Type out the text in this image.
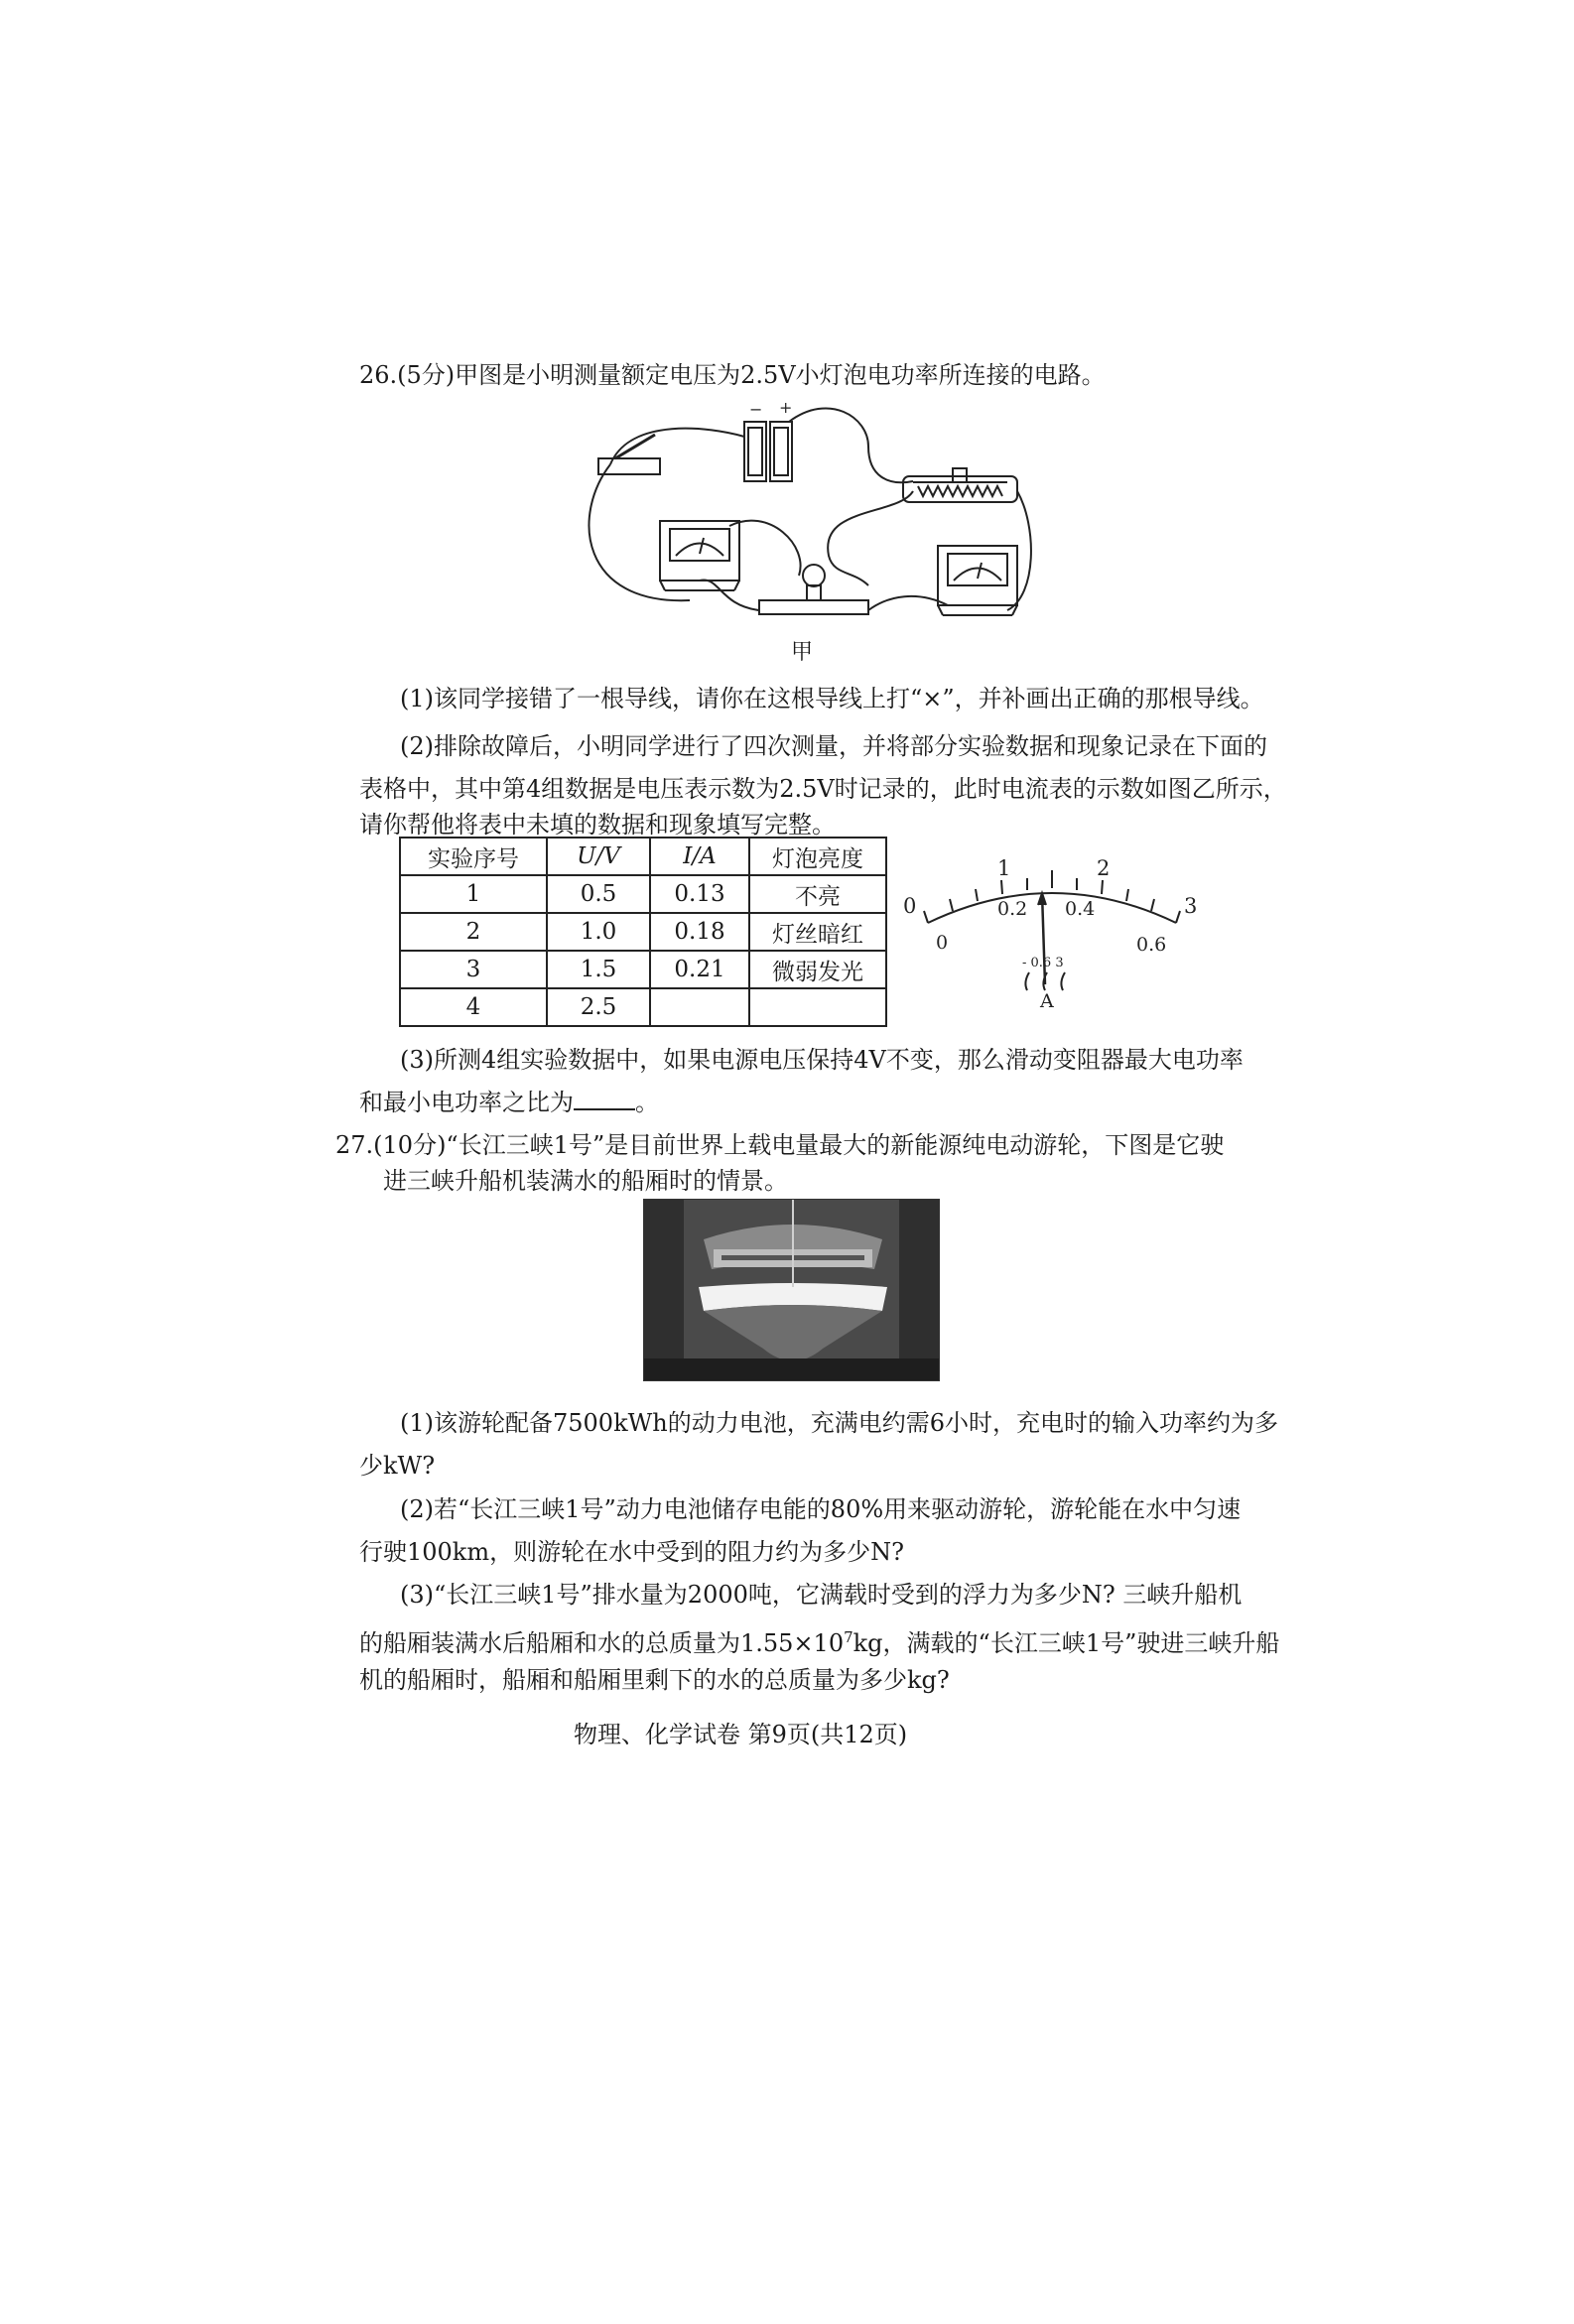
26.(5分)甲图是小明测量额定电压为2.5V小灯泡电功率所连接的电路。
− +
甲
(1)该同学接错了一根导线，请你在这根导线上打“×”，并补画出正确的那根导线。
(2)排除故障后，小明同学进行了四次测量，并将部分实验数据和现象记录在下面的
表格中，其中第4组数据是电压表示数为2.5V时记录的，此时电流表的示数如图乙所示，
请你帮他将表中未填的数据和现象填写完整。
实验序号	U/V	I/A	灯泡亮度
1	0.5	0.13	不亮
2	1.0	0.18	灯丝暗红
3	1.5	0.21	微弱发光
4	2.5		
0
1	2
3
0
0.2 0.4
0.6
- 0.6 3
A
(3)所测4组实验数据中，如果电源电压保持4V不变，那么滑动变阻器最大电功率
和最小电功率之比为	。
27.(10分)“长江三峡1号”是目前世界上载电量最大的新能源纯电动游轮，下图是它驶
进三峡升船机装满水的船厢时的情景。
(1)该游轮配备7500kWh的动力电池，充满电约需6小时，充电时的输入功率约为多
少kW?
(2)若“长江三峡1号”动力电池储存电能的80%用来驱动游轮，游轮能在水中匀速
行驶100km，则游轮在水中受到的阻力约为多少N?
(3)“长江三峡1号”排水量为2000吨，它满载时受到的浮力为多少N? 三峡升船机
的船厢装满水后船厢和水的总质量为$1.55\times 10^7kg$，满载的“长江三峡1号”驶进三峡升船
机的船厢时，船厢和船厢里剩下的水的总质量为多少kg?
物理、化学试卷 第9页(共12页)
